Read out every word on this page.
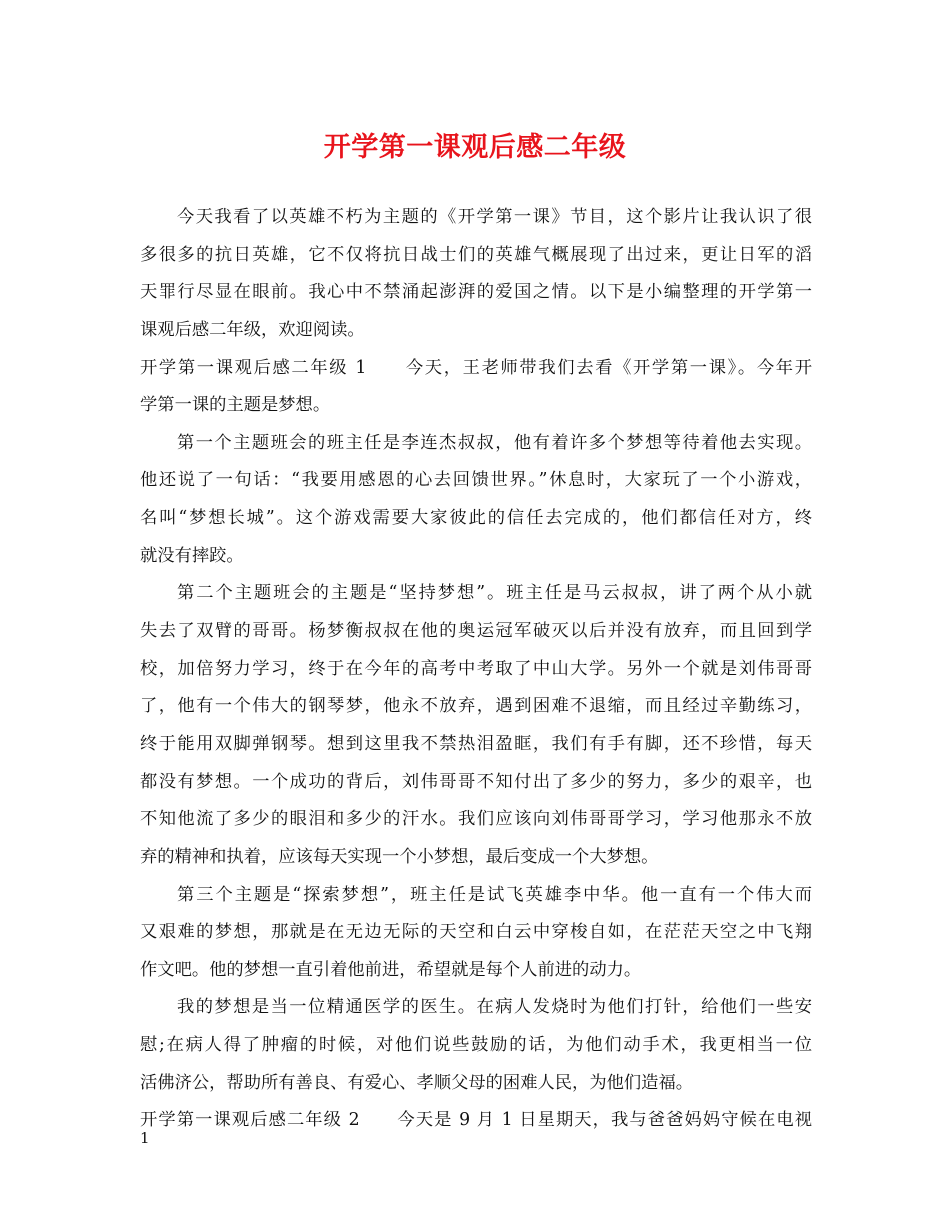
开学第一课观后感二年级
今天我看了以英雄不朽为主题的《开学第一课》节目，这个影片让我认识了很
多很多的抗日英雄，它不仅将抗日战士们的英雄气概展现了出过来，更让日军的滔
天罪行尽显在眼前。我心中不禁涌起澎湃的爱国之情。以下是小编整理的开学第一
课观后感二年级，欢迎阅读。
开学第一课观后感二年级 1　　今天，王老师带我们去看《开学第一课》。今年开
学第一课的主题是梦想。
第一个主题班会的班主任是李连杰叔叔，他有着许多个梦想等待着他去实现。
他还说了一句话：“我要用感恩的心去回馈世界。”休息时，大家玩了一个小游戏，
名叫“梦想长城”。这个游戏需要大家彼此的信任去完成的，他们都信任对方，终
就没有摔跤。
第二个主题班会的主题是“坚持梦想”。班主任是马云叔叔，讲了两个从小就
失去了双臂的哥哥。杨梦衡叔叔在他的奥运冠军破灭以后并没有放弃，而且回到学
校，加倍努力学习，终于在今年的高考中考取了中山大学。另外一个就是刘伟哥哥
了，他有一个伟大的钢琴梦，他永不放弃，遇到困难不退缩，而且经过辛勤练习，
终于能用双脚弹钢琴。想到这里我不禁热泪盈眶，我们有手有脚，还不珍惜，每天
都没有梦想。一个成功的背后，刘伟哥哥不知付出了多少的努力，多少的艰辛，也
不知他流了多少的眼泪和多少的汗水。我们应该向刘伟哥哥学习，学习他那永不放
弃的精神和执着，应该每天实现一个小梦想，最后变成一个大梦想。
第三个主题是“探索梦想”，班主任是试飞英雄李中华。他一直有一个伟大而
又艰难的梦想，那就是在无边无际的天空和白云中穿梭自如，在茫茫天空之中飞翔
作文吧。他的梦想一直引着他前进，希望就是每个人前进的动力。
我的梦想是当一位精通医学的医生。在病人发烧时为他们打针，给他们一些安
慰;在病人得了肿瘤的时候，对他们说些鼓励的话，为他们动手术，我更相当一位
活佛济公，帮助所有善良、有爱心、孝顺父母的困难人民，为他们造福。
开学第一课观后感二年级 2　　今天是 9 月 1 日星期天，我与爸爸妈妈守候在电视
1
